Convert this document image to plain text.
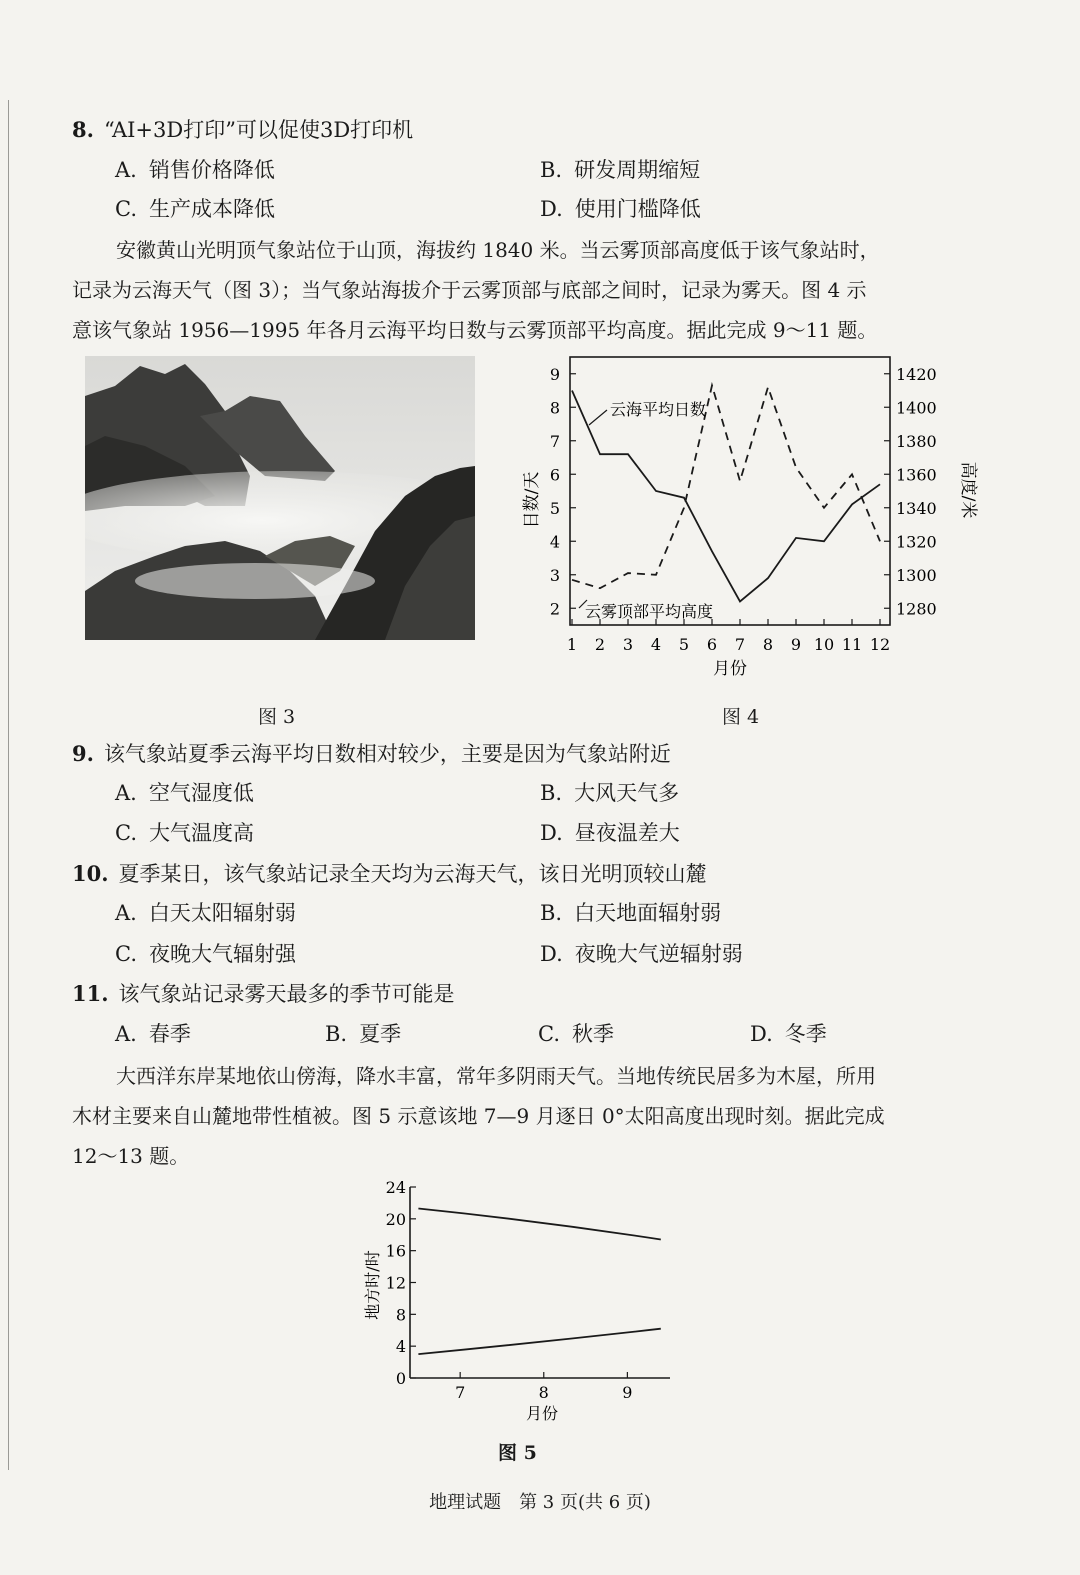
8. “AI+3D打印”可以促使3D打印机
A. 销售价格降低	B. 研发周期缩短
C. 生产成本降低	D. 使用门槛降低
安徽黄山光明顶气象站位于山顶，海拔约 1840 米。当云雾顶部高度低于该气象站时，
记录为云海天气（图 3）；当气象站海拔介于云雾顶部与底部之间时，记录为雾天。图 4 示
意该气象站 1956—1995 年各月云海平均日数与云雾顶部平均高度。据此完成 9～11 题。
2
3
4
5
6
7
8
9
1280
1300
1320
1340
1360
1380
1400
1420
1 2 3 4 5 6 7 8 9 10 11 12
日数/天	高度/米
月份
云海平均日数
云雾顶部平均高度
图 3	图 4
9. 该气象站夏季云海平均日数相对较少，主要是因为气象站附近
A. 空气湿度低	B. 大风天气多
C. 大气温度高	D. 昼夜温差大
10. 夏季某日，该气象站记录全天均为云海天气，该日光明顶较山麓
A. 白天太阳辐射弱	B. 白天地面辐射弱
C. 夜晚大气辐射强	D. 夜晚大气逆辐射弱
11. 该气象站记录雾天最多的季节可能是
A. 春季	B. 夏季	C. 秋季	D. 冬季
大西洋东岸某地依山傍海，降水丰富，常年多阴雨天气。当地传统民居多为木屋，所用
木材主要来自山麓地带性植被。图 5 示意该地 7—9 月逐日 0°太阳高度出现时刻。据此完成
12～13 题。
0
4
8
12
16
20
24
7	8	9
地方时/时
月份
图 5
地理试题　第 3 页(共 6 页)
